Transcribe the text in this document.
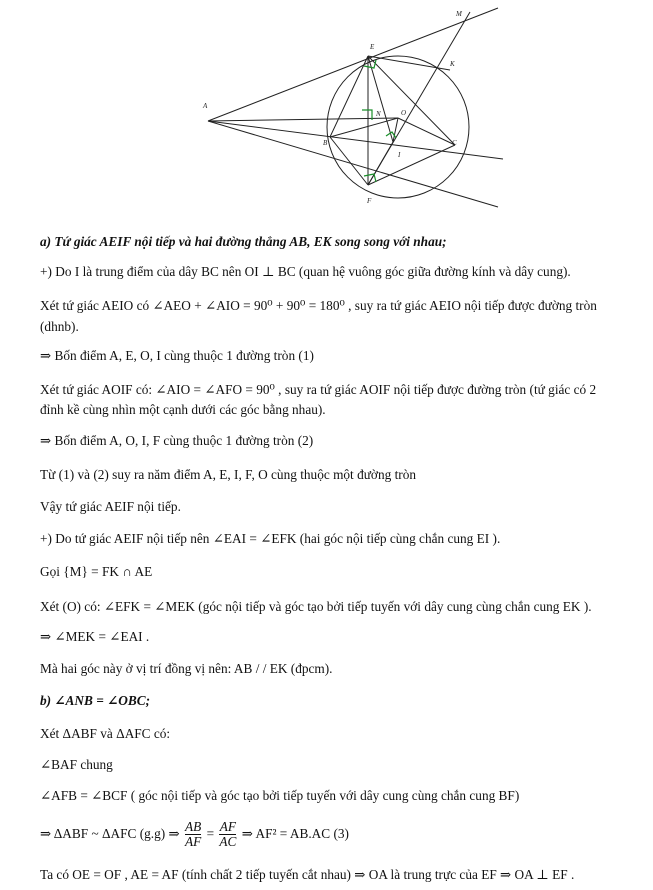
A
B	C
E
F
I
K
M
O
N
a) Tứ giác AEIF nội tiếp và hai đường thẳng AB, EK song song với nhau;
+) Do I là trung điểm của dây BC nên OI ⊥ BC (quan hệ vuông góc giữa đường kính và dây cung).
Xét tứ giác AEIO có ∠AEO + ∠AIO = 90⁰ + 90⁰ = 180⁰ , suy ra tứ giác AEIO nội tiếp được đường tròn
(dhnb).
⇒ Bốn điểm A, E, O, I cùng thuộc 1 đường tròn (1)
Xét tứ giác AOIF có: ∠AIO = ∠AFO = 90⁰ , suy ra tứ giác AOIF nội tiếp được đường tròn (tứ giác có 2
đỉnh kề cùng nhìn một cạnh dưới các góc bằng nhau).
⇒ Bốn điểm A, O, I, F cùng thuộc 1 đường tròn (2)
Từ (1) và (2) suy ra năm điểm A, E, I, F, O cùng thuộc một đường tròn
Vậy tứ giác AEIF nội tiếp.
+) Do tứ giác AEIF nội tiếp nên ∠EAI = ∠EFK (hai góc nội tiếp cùng chắn cung EI ).
Gọi {M} = FK ∩ AE
Xét (O) có: ∠EFK = ∠MEK (góc nội tiếp và góc tạo bởi tiếp tuyến với dây cung cùng chắn cung EK ).
⇒ ∠MEK = ∠EAI .
Mà hai góc này ở vị trí đồng vị nên: AB / / EK (đpcm).
b) ∠ANB = ∠OBC;
Xét ΔABF và ΔAFC có:
∠BAF chung
∠AFB = ∠BCF ( góc nội tiếp và góc tạo bởi tiếp tuyến với dây cung cùng chắn cung BF)
⇒ ΔABF ~ ΔAFC (g.g) ⇒ $\frac{AB}{AF} = \frac{AF}{AC}$ ⇒ AF² = AB.AC (3)
Ta có OE = OF , AE = AF (tính chất 2 tiếp tuyến cắt nhau) ⇒ OA là trung trực của EF ⇒ OA ⊥ EF .
